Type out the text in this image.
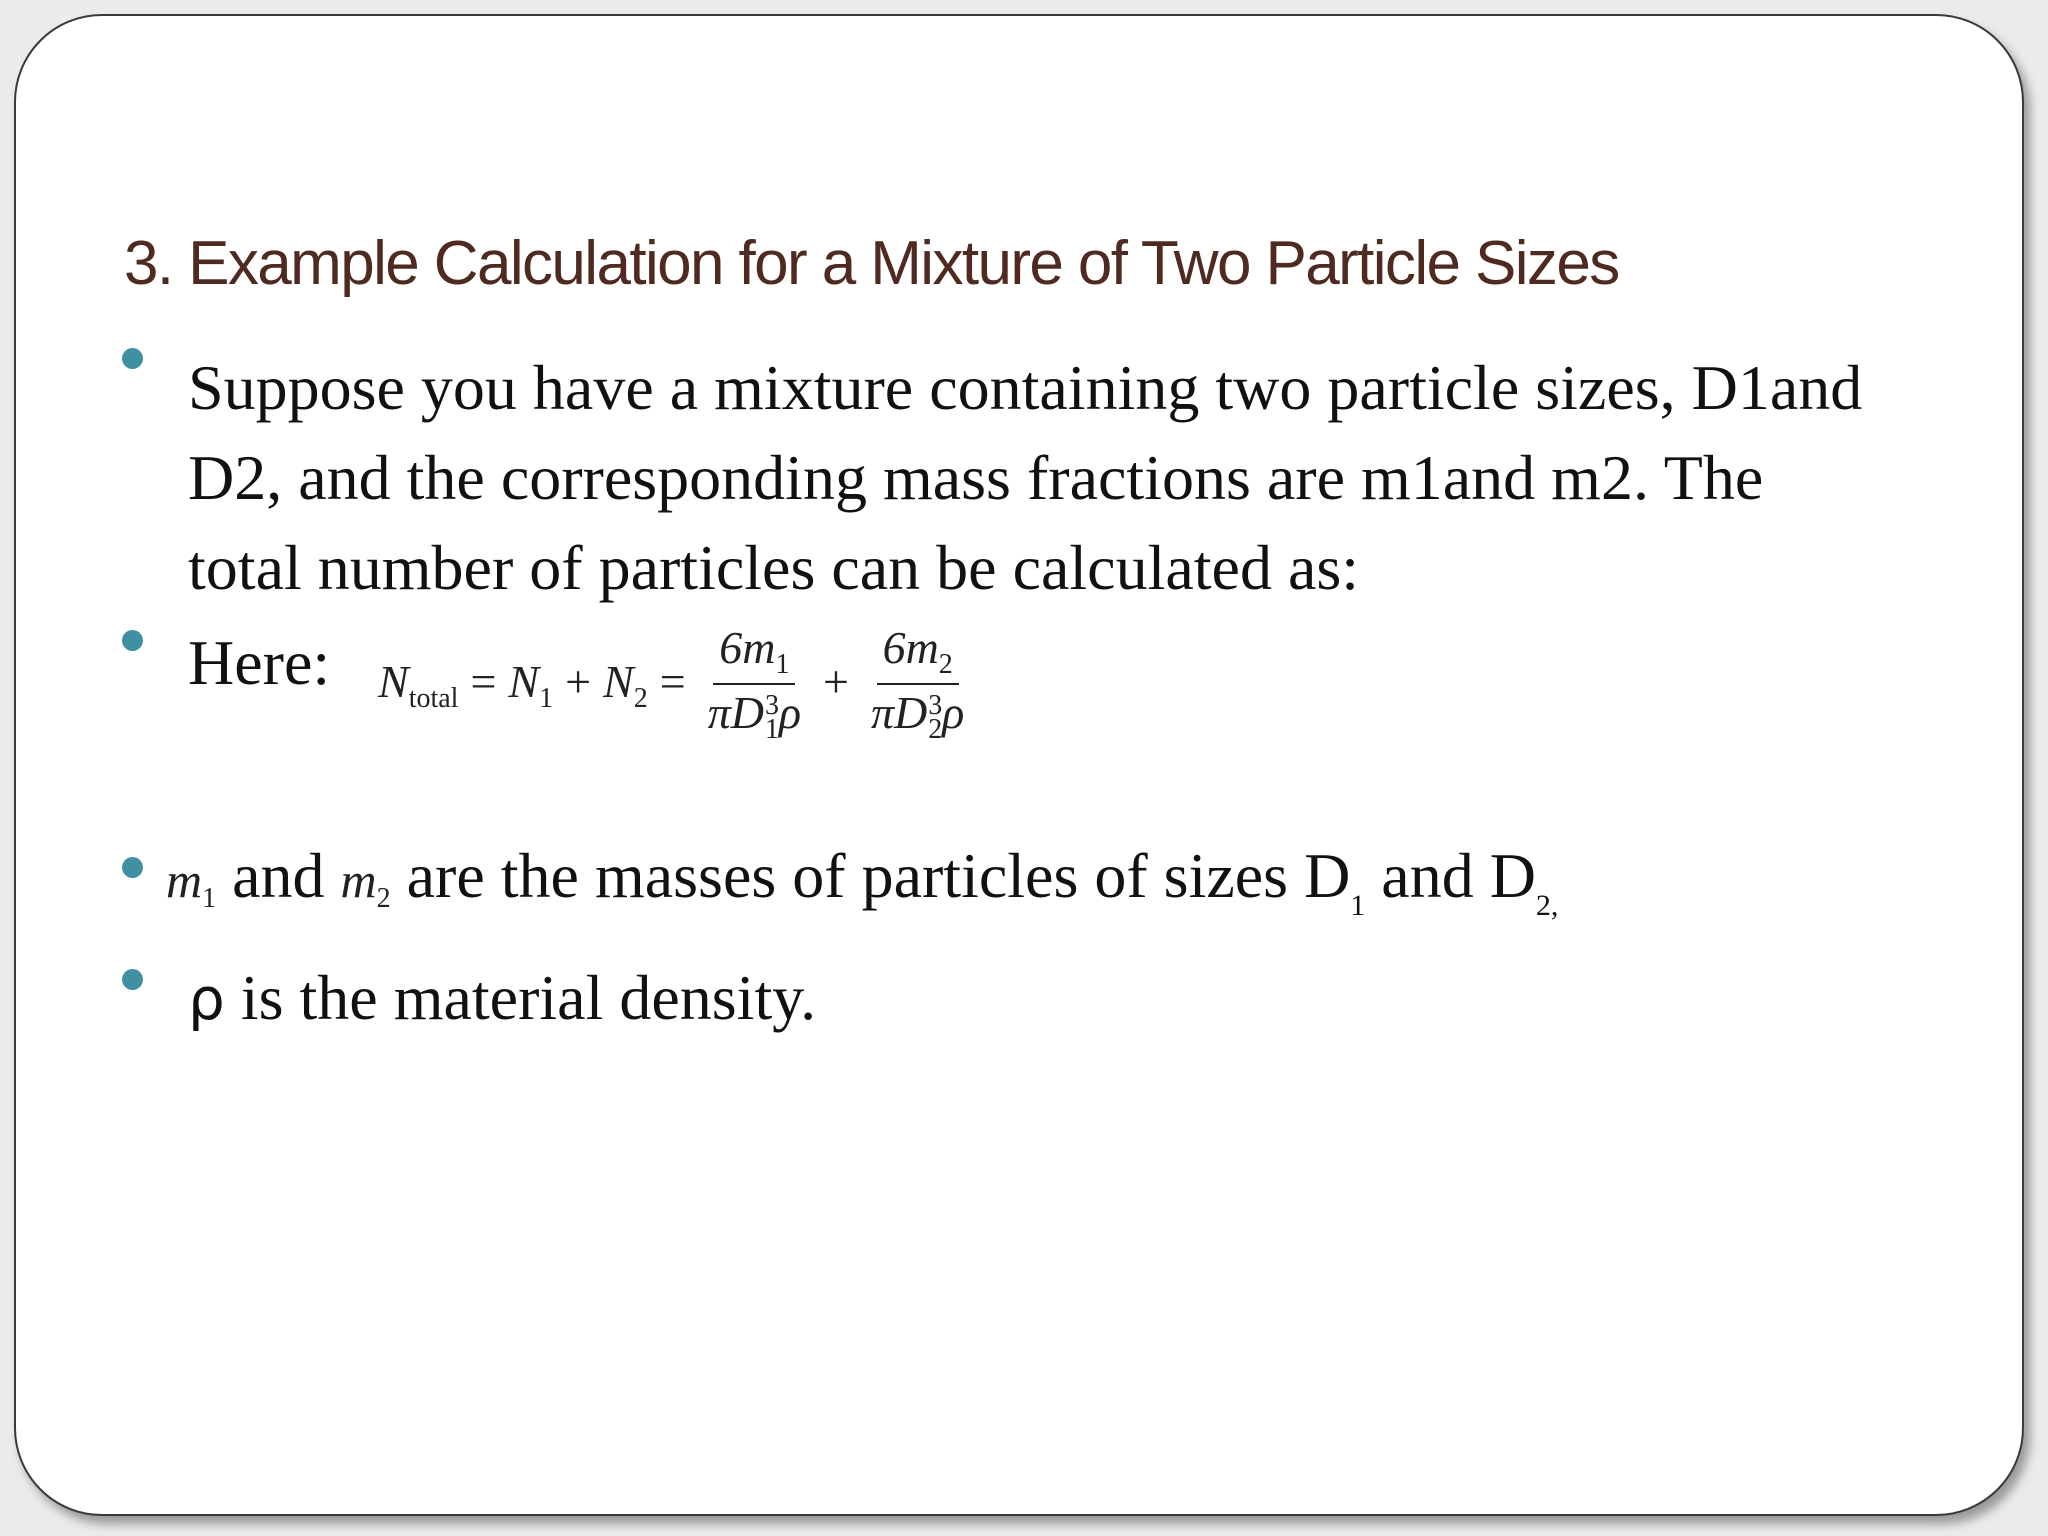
3. Example Calculation for a Mixture of Two Particle Sizes
Suppose you have a mixture containing two particle sizes, D1and
D2, and the corresponding mass fractions are m1and m2. The
total number of particles can be calculated as:
Here: $N_{total} = N_1 + N_2 = 6m_1$
πD 3
1 $\rho + 6m_2$
πD 3
2 ρ
$m_1$ and $m_2$ are the masses of particles of sizes $D_1$ and $D_{2,}$
ρ is the material density.
